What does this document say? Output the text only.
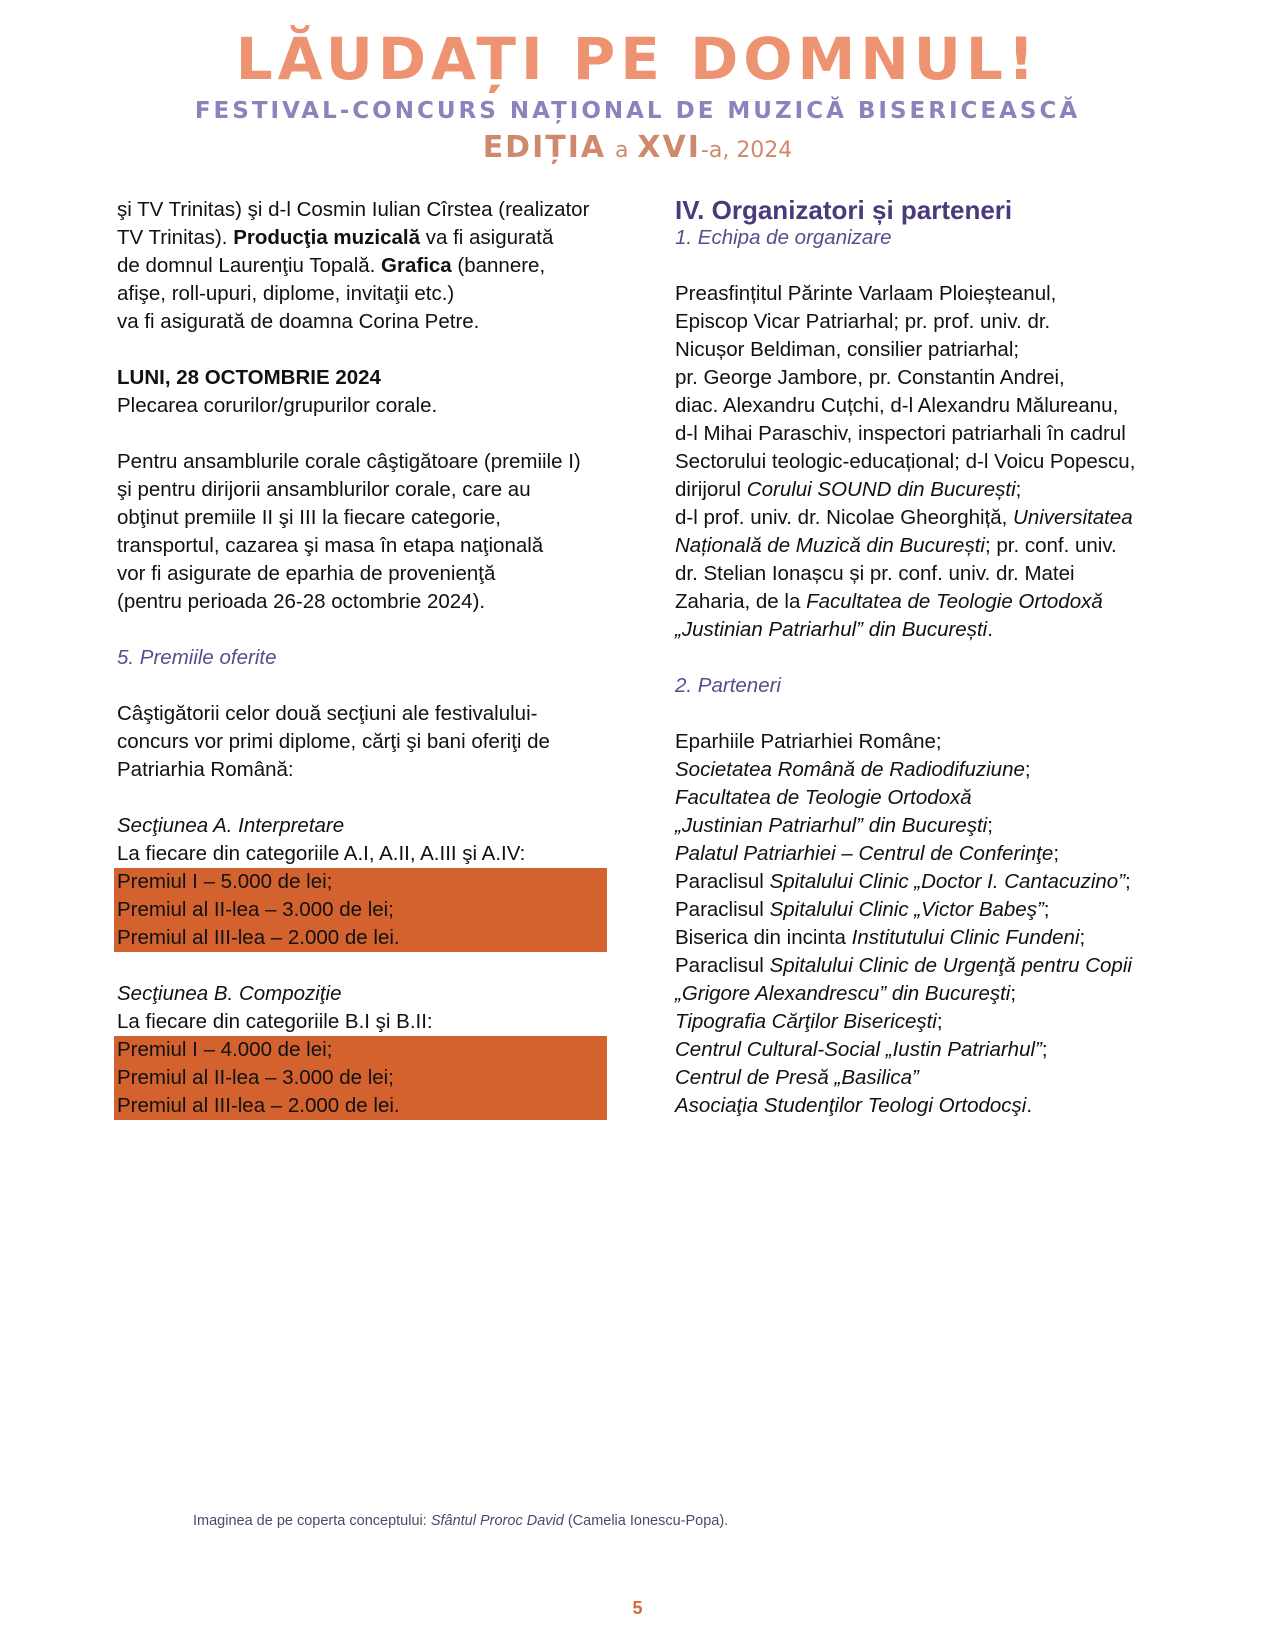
LĂUDAȚI PE DOMNUL!
FESTIVAL-CONCURS NAȚIONAL DE MUZICĂ BISERICEASCĂ
EDIȚIA a XVI-a, 2024

şi TV Trinitas) şi d-l Cosmin Iulian Cîrstea (realizator

TV Trinitas). Producţia muzicală va fi asigurată

de domnul Laurenţiu Topală. Grafica (bannere,

afişe, roll-upuri, diplome, invitaţii etc.)

va fi asigurată de doamna Corina Petre.

LUNI, 28 OCTOMBRIE 2024

Plecarea corurilor/grupurilor corale.

Pentru ansamblurile corale câştigătoare (premiile I)

şi pentru dirijorii ansamblurilor corale, care au

obţinut premiile II şi III la fiecare categorie,

transportul, cazarea şi masa în etapa naţională

vor fi asigurate de eparhia de provenienţă

(pentru perioada 26-28 octombrie 2024).

5. Premiile oferite

Câştigătorii celor două secţiuni ale festivalului-

concurs vor primi diplome, cărţi şi bani oferiţi de

Patriarhia Română:

Secţiunea A. Interpretare

La fiecare din categoriile A.I, A.II, A.III şi A.IV:

Premiul I – 5.000 de lei;

Premiul al II-lea – 3.000 de lei;

Premiul al III-lea – 2.000 de lei.

Secţiunea B. Compoziţie

La fiecare din categoriile B.I şi B.II:

Premiul I – 4.000 de lei;

Premiul al II-lea – 3.000 de lei;

Premiul al III-lea – 2.000 de lei.

IV. Organizatori și parteneri

1. Echipa de organizare

Preasfințitul Părinte Varlaam Ploieșteanul,

Episcop Vicar Patriarhal; pr. prof. univ. dr.

Nicușor Beldiman, consilier patriarhal;

pr. George Jambore, pr. Constantin Andrei,

diac. Alexandru Cuțchi, d-l Alexandru Mălureanu,

d-l Mihai Paraschiv, inspectori patriarhali în cadrul

Sectorului teologic-educațional; d-l Voicu Popescu,

dirijorul Corului SOUND din București;

d-l prof. univ. dr. Nicolae Gheorghiță, Universitatea

Națională de Muzică din București; pr. conf. univ.

dr. Stelian Ionașcu și pr. conf. univ. dr. Matei

Zaharia, de la Facultatea de Teologie Ortodoxă

„Justinian Patriarhul” din București.

2. Parteneri

Eparhiile Patriarhiei Române;

Societatea Română de Radiodifuziune;

Facultatea de Teologie Ortodoxă

„Justinian Patriarhul” din Bucureşti;

Palatul Patriarhiei – Centrul de Conferinţe;

Paraclisul Spitalului Clinic „Doctor I. Cantacuzino”;

Paraclisul Spitalului Clinic „Victor Babeş”;

Biserica din incinta Institutului Clinic Fundeni;

Paraclisul Spitalului Clinic de Urgenţă pentru Copii

„Grigore Alexandrescu” din Bucureşti;

Tipografia Cărţilor Bisericeşti;

Centrul Cultural-Social „Iustin Patriarhul”;

Centrul de Presă „Basilica”

Asociaţia Studenţilor Teologi Ortodocşi.

Imaginea de pe coperta conceptului: Sfântul Proroc David (Camelia Ionescu-Popa).
5
